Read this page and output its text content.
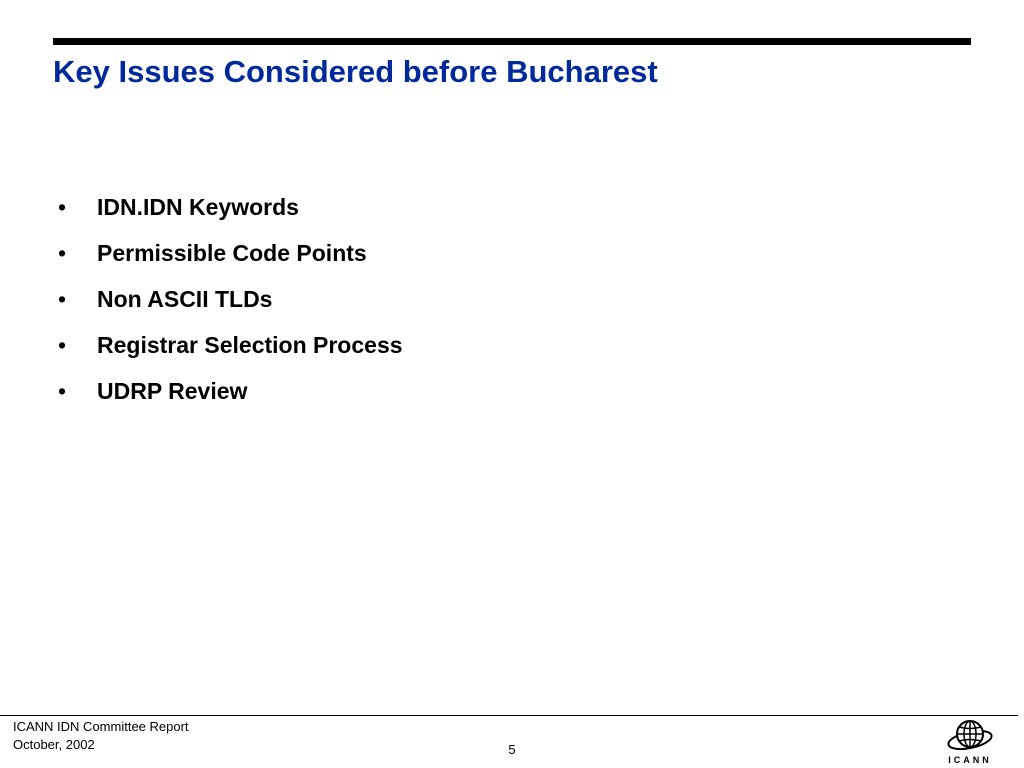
Key Issues Considered before Bucharest
•	IDN.IDN Keywords
•	Permissible Code Points
•	Non ASCII TLDs
•	Registrar Selection Process
•	UDRP Review
ICANN IDN Committee Report
October, 2002	5
ICANN
